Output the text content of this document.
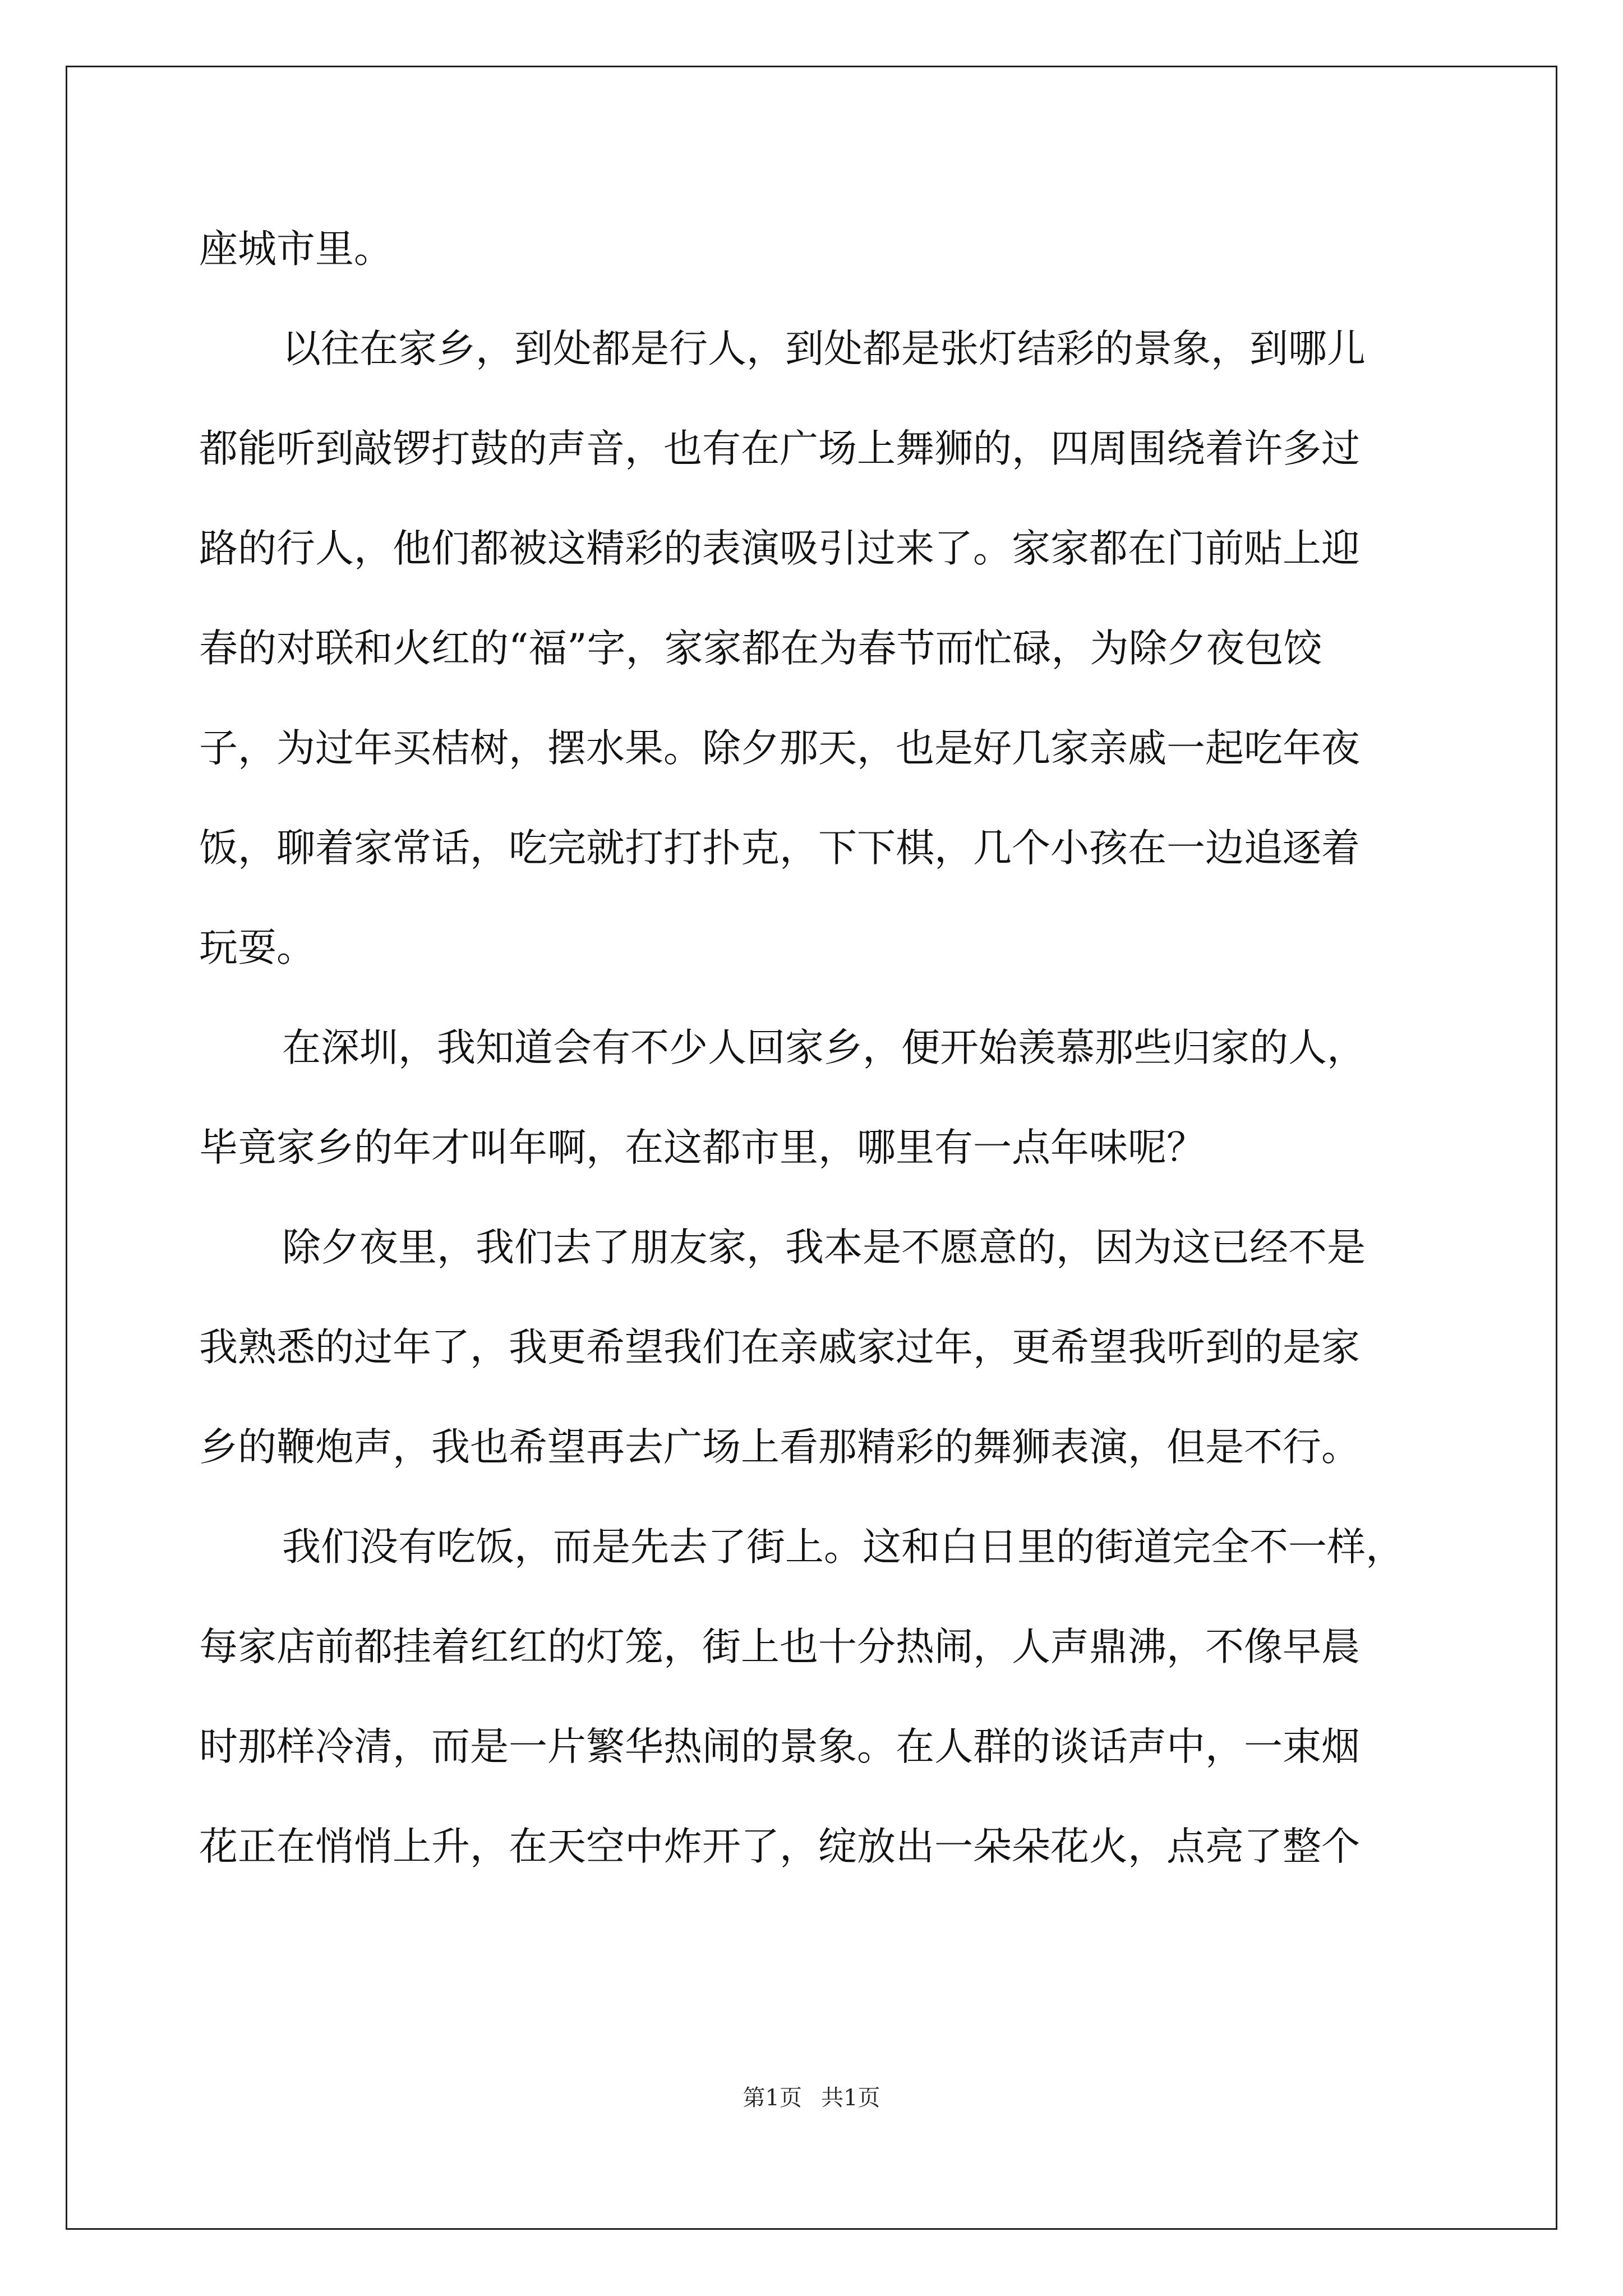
座城市里。
以往在家乡，到处都是行人，到处都是张灯结彩的景象，到哪儿
都能听到敲锣打鼓的声音，也有在广场上舞狮的，四周围绕着许多过
路的行人，他们都被这精彩的表演吸引过来了。家家都在门前贴上迎
春的对联和火红的“福”字，家家都在为春节而忙碌，为除夕夜包饺
子，为过年买桔树，摆水果。除夕那天，也是好几家亲戚一起吃年夜
饭，聊着家常话，吃完就打打扑克，下下棋，几个小孩在一边追逐着
玩耍。
在深圳，我知道会有不少人回家乡，便开始羡慕那些归家的人，
毕竟家乡的年才叫年啊，在这都市里，哪里有一点年味呢？
除夕夜里，我们去了朋友家，我本是不愿意的，因为这已经不是
我熟悉的过年了，我更希望我们在亲戚家过年，更希望我听到的是家
乡的鞭炮声，我也希望再去广场上看那精彩的舞狮表演，但是不行。
我们没有吃饭，而是先去了街上。这和白日里的街道完全不一样，
每家店前都挂着红红的灯笼，街上也十分热闹，人声鼎沸，不像早晨
时那样冷清，而是一片繁华热闹的景象。在人群的谈话声中，一束烟
花正在悄悄上升，在天空中炸开了，绽放出一朵朵花火，点亮了整个
第1页 共1页
